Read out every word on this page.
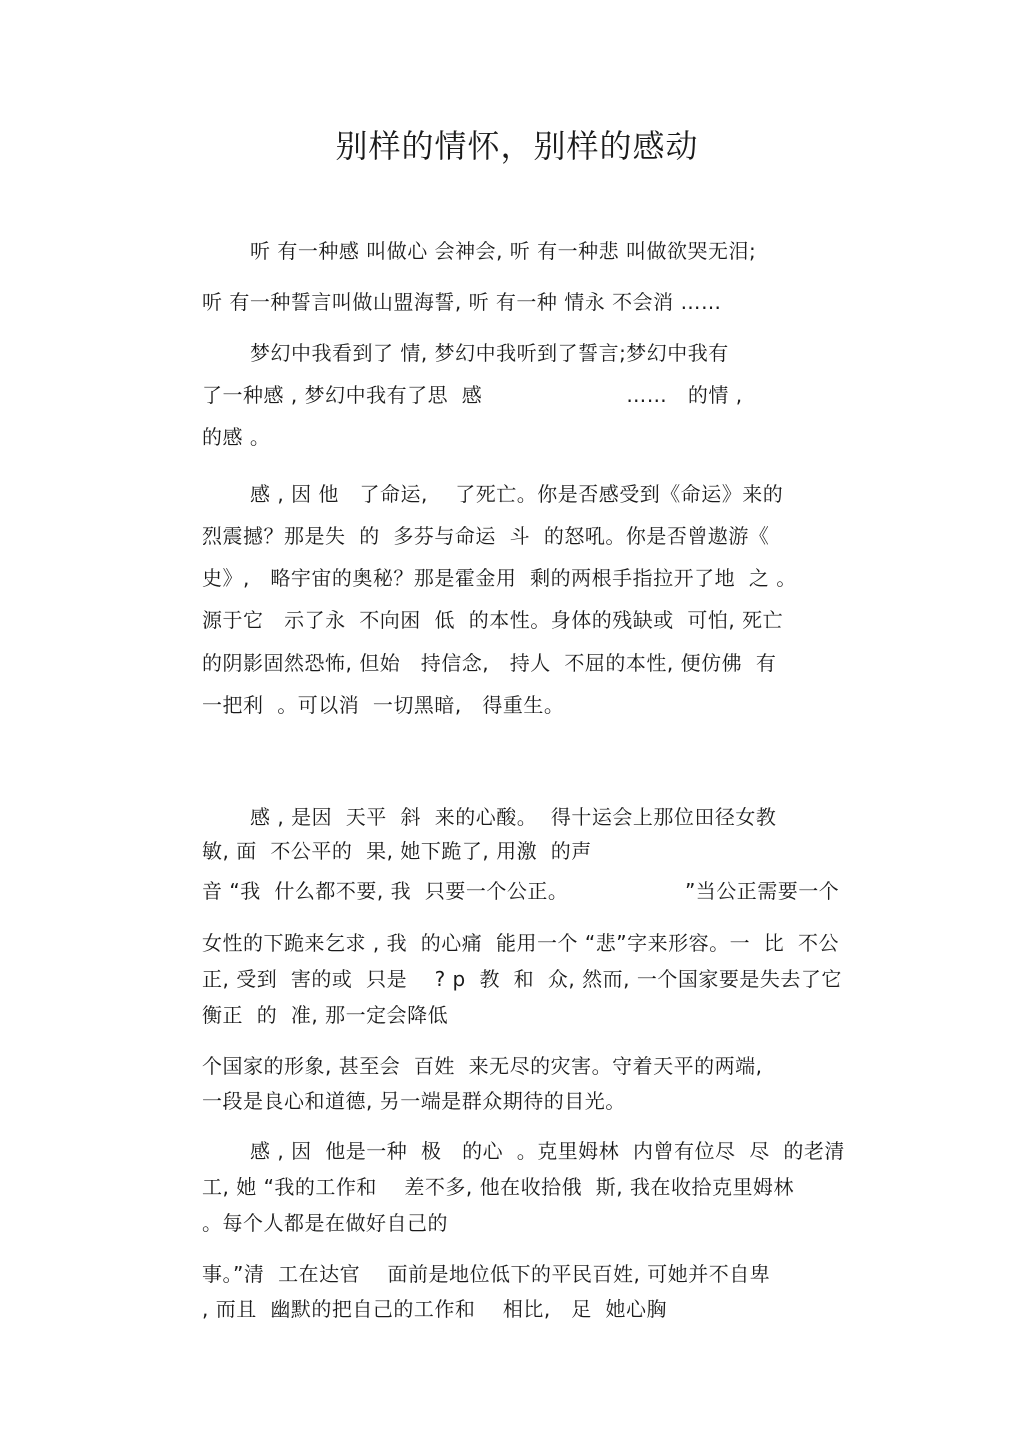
别样的情怀，别样的感动
听 有一种感 叫做心 会神会, 听 有一种悲 叫做欲哭无泪;
听 有一种誓言叫做山盟海誓, 听 有一种 情永 不会消 ……
梦幻中我看到了 情, 梦幻中我听到了誓言;梦幻中我有
了一种感 , 梦幻中我有了思  感                     ……   的情 ,
的感 。
感 , 因 他   了命运,    了死亡。你是否感受到《命运》来的
烈震撼？那是失  的  多芬与命运  斗  的怒吼。你是否曾遨游《
史》,   略宇宙的奥秘？那是霍金用  剩的两根手指拉开了地  之 。
源于它   示了永  不向困  低  的本性。身体的残缺或  可怕, 死亡
的阴影固然恐怖, 但始   持信念,   持人  不屈的本性, 便仿佛  有
一把利  。可以消  一切黑暗,   得重生。
感 , 是因  天平  斜  来的心酸。  得十运会上那位田径女教
敏, 面  不公平的  果, 她下跪了, 用激  的声
音 “我  什么都不要, 我  只要一个公正。                 ”当公正需要一个
女性的下跪来乞求 , 我  的心痛  能用一个 “悲”字来形容。一  比  不公
正, 受到  害的或  只是    ? p  教  和  众, 然而, 一个国家要是失去了它
衡正  的  准, 那一定会降低
个国家的形象, 甚至会  百姓  来无尽的灾害。守着天平的两端,
一段是良心和道德, 另一端是群众期待的目光。
感 , 因  他是一种  极   的心  。克里姆林  内曾有位尽  尽  的老清
工, 她 “我的工作和    差不多, 他在收拾俄  斯, 我在收拾克里姆林
。每个人都是在做好自己的
事。”清  工在达官    面前是地位低下的平民百姓, 可她并不自卑
, 而且  幽默的把自己的工作和    相比,   足  她心胸
